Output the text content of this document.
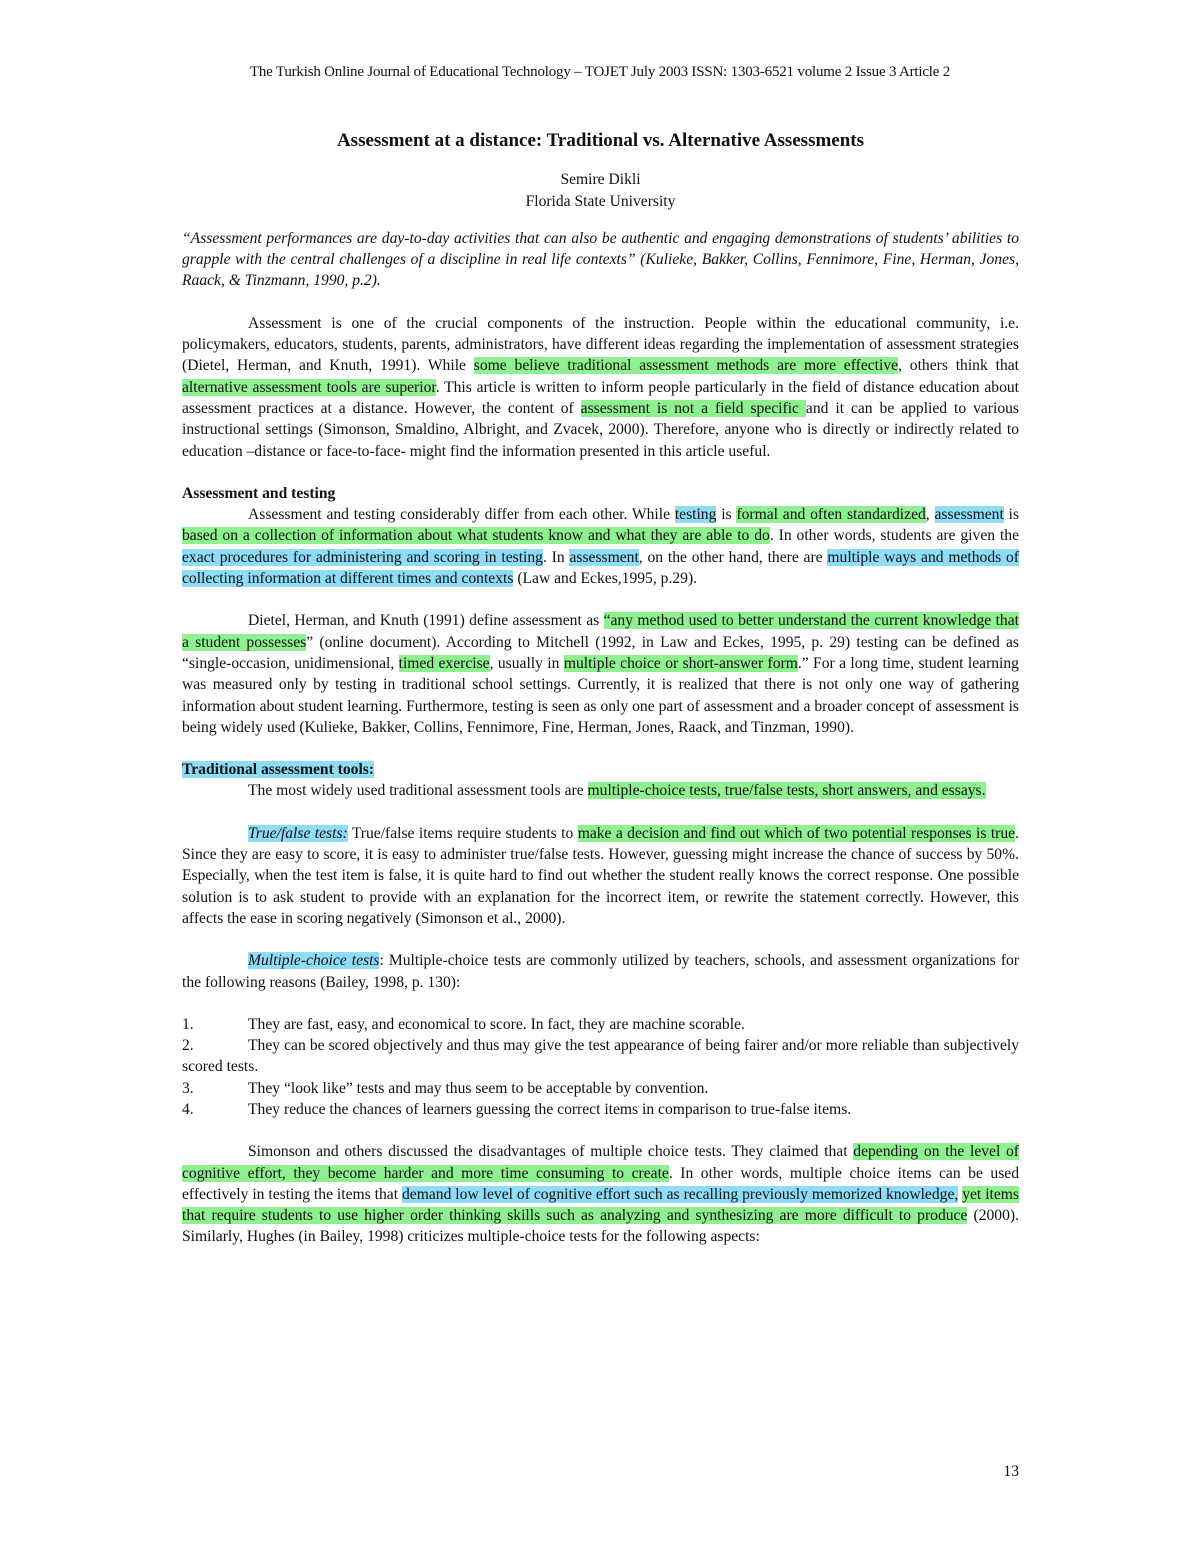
The Turkish Online Journal of Educational Technology – TOJET July 2003 ISSN: 1303-6521 volume 2 Issue 3 Article 2
Assessment at a distance: Traditional vs. Alternative Assessments

Semire Dikli

Florida State University

“Assessment performances are day-to-day activities that can also be authentic and engaging demonstrations of students’ abilities to grapple with the central challenges of a discipline in real life contexts” (Kulieke, Bakker, Collins, Fennimore, Fine, Herman, Jones, Raack, & Tinzmann, 1990, p.2).

Assessment is one of the crucial components of the instruction. People within the educational community, i.e. policymakers, educators, students, parents, administrators, have different ideas regarding the implementation of assessment strategies (Dietel, Herman, and Knuth, 1991). While some believe traditional assessment methods are more effective, others think that alternative assessment tools are superior. This article is written to inform people particularly in the field of distance education about assessment practices at a distance. However, the content of assessment is not a field specific and it can be applied to various instructional settings (Simonson, Smaldino, Albright, and Zvacek, 2000). Therefore, anyone who is directly or indirectly related to education –distance or face-to-face- might find the information presented in this article useful.

Assessment and testing

Assessment and testing considerably differ from each other. While testing is formal and often standardized, assessment is based on a collection of information about what students know and what they are able to do. In other words, students are given the exact procedures for administering and scoring in testing. In assessment, on the other hand, there are multiple ways and methods of collecting information at different times and contexts (Law and Eckes,1995, p.29).

Dietel, Herman, and Knuth (1991) define assessment as “any method used to better understand the current knowledge that a student possesses” (online document). According to Mitchell (1992, in Law and Eckes, 1995, p. 29) testing can be defined as “single-occasion, unidimensional, timed exercise, usually in multiple choice or short-answer form.” For a long time, student learning was measured only by testing in traditional school settings. Currently, it is realized that there is not only one way of gathering information about student learning. Furthermore, testing is seen as only one part of assessment and a broader concept of assessment is being widely used (Kulieke, Bakker, Collins, Fennimore, Fine, Herman, Jones, Raack, and Tinzman, 1990).

Traditional assessment tools:

The most widely used traditional assessment tools are multiple-choice tests, true/false tests, short answers, and essays.

True/false tests: True/false items require students to make a decision and find out which of two potential responses is true. Since they are easy to score, it is easy to administer true/false tests. However, guessing might increase the chance of success by 50%. Especially, when the test item is false, it is quite hard to find out whether the student really knows the correct response. One possible solution is to ask student to provide with an explanation for the incorrect item, or rewrite the statement correctly. However, this affects the ease in scoring negatively (Simonson et al., 2000).

Multiple-choice tests: Multiple-choice tests are commonly utilized by teachers, schools, and assessment organizations for the following reasons (Bailey, 1998, p. 130):

1.	They are fast, easy, and economical to score. In fact, they are machine scorable.
2.	They can be scored objectively and thus may give the test appearance of being fairer and/or more reliable than subjectively scored tests.
3.	They “look like” tests and may thus seem to be acceptable by convention.
4.	They reduce the chances of learners guessing the correct items in comparison to true-false items.

Simonson and others discussed the disadvantages of multiple choice tests. They claimed that depending on the level of cognitive effort, they become harder and more time consuming to create. In other words, multiple choice items can be used effectively in testing the items that demand low level of cognitive effort such as recalling previously memorized knowledge, yet items that require students to use higher order thinking skills such as analyzing and synthesizing are more difficult to produce (2000). Similarly, Hughes (in Bailey, 1998) criticizes multiple-choice tests for the following aspects:

13
